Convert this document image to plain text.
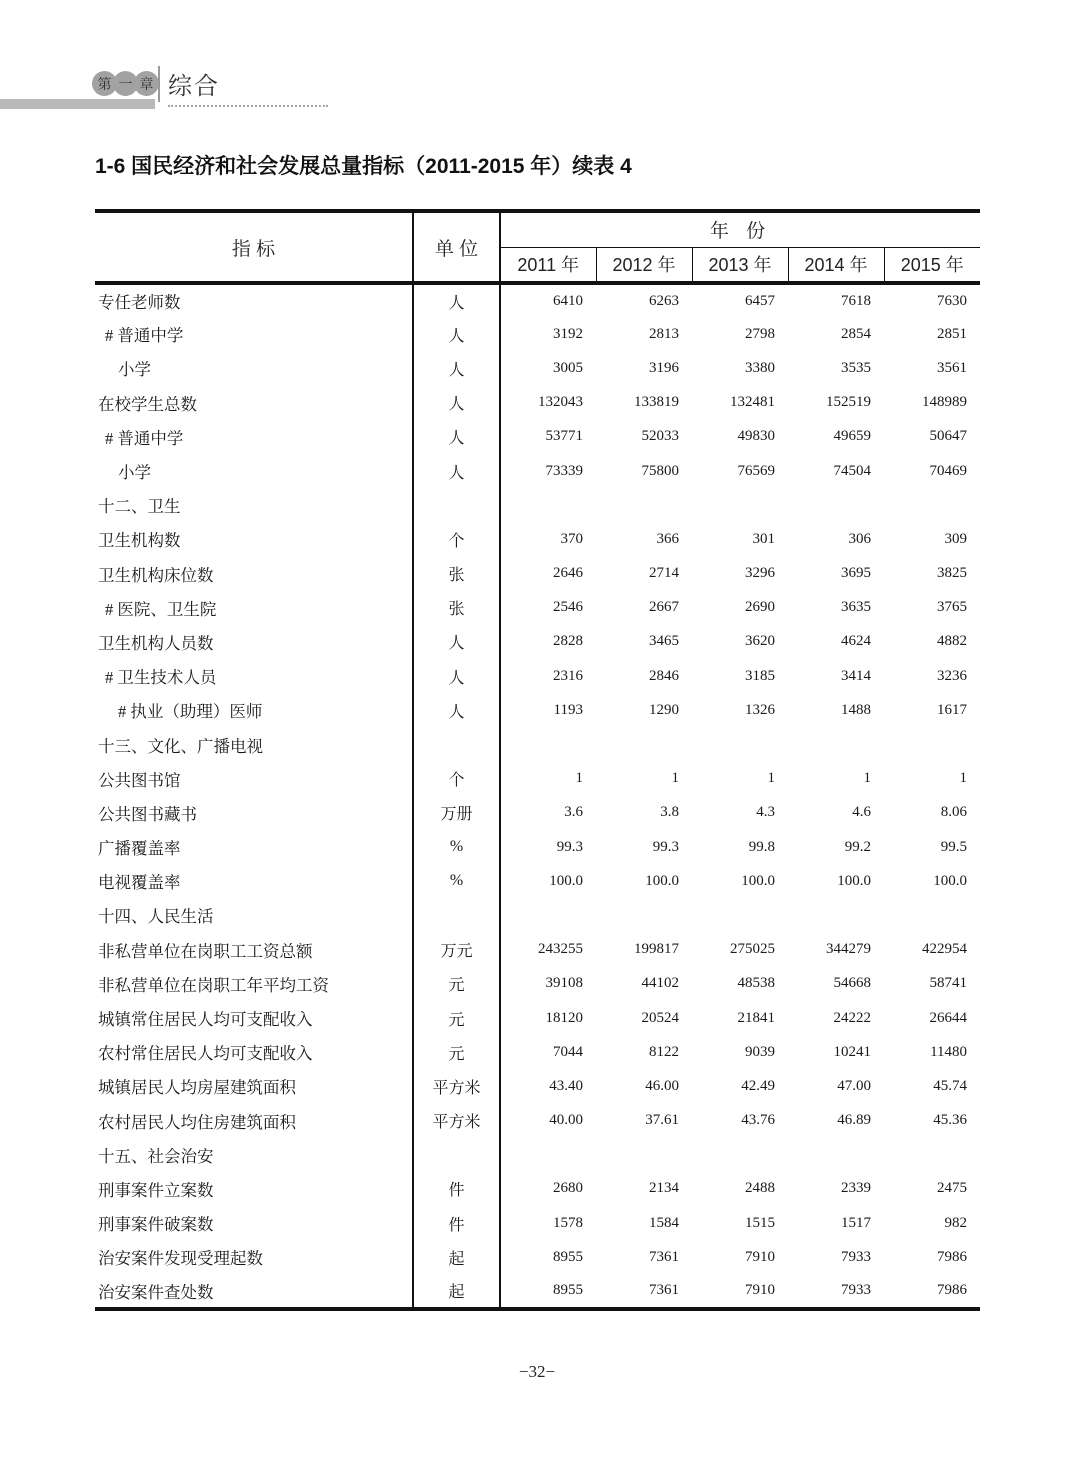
第 一 章 综合
1-6 国民经济和社会发展总量指标（2011-2015 年）续表 4
指 标	单 位	年 份				
		2011 年	2012 年	2013 年	2014 年	2015 年
专任老师数	人	6410	6263	6457	7618	7630
# 普通中学	人	3192	2813	2798	2854	2851
小学	人	3005	3196	3380	3535	3561
在校学生总数	人	132043	133819	132481	152519	148989
# 普通中学	人	53771	52033	49830	49659	50647
小学	人	73339	75800	76569	74504	70469
十二、卫生						
卫生机构数	个	370	366	301	306	309
卫生机构床位数	张	2646	2714	3296	3695	3825
# 医院、卫生院	张	2546	2667	2690	3635	3765
卫生机构人员数	人	2828	3465	3620	4624	4882
# 卫生技术人员	人	2316	2846	3185	3414	3236
# 执业（助理）医师	人	1193	1290	1326	1488	1617
十三、文化、广播电视						
公共图书馆	个	1	1	1	1	1
公共图书藏书	万册	3.6	3.8	4.3	4.6	8.06
广播覆盖率	%	99.3	99.3	99.8	99.2	99.5
电视覆盖率	%	100.0	100.0	100.0	100.0	100.0
十四、人民生活						
非私营单位在岗职工工资总额	万元	243255	199817	275025	344279	422954
非私营单位在岗职工年平均工资	元	39108	44102	48538	54668	58741
城镇常住居民人均可支配收入	元	18120	20524	21841	24222	26644
农村常住居民人均可支配收入	元	7044	8122	9039	10241	11480
城镇居民人均房屋建筑面积	平方米	43.40	46.00	42.49	47.00	45.74
农村居民人均住房建筑面积	平方米	40.00	37.61	43.76	46.89	45.36
十五、社会治安						
刑事案件立案数	件	2680	2134	2488	2339	2475
刑事案件破案数	件	1578	1584	1515	1517	982
治安案件发现受理起数	起	8955	7361	7910	7933	7986
治安案件查处数	起	8955	7361	7910	7933	7986
−32−
